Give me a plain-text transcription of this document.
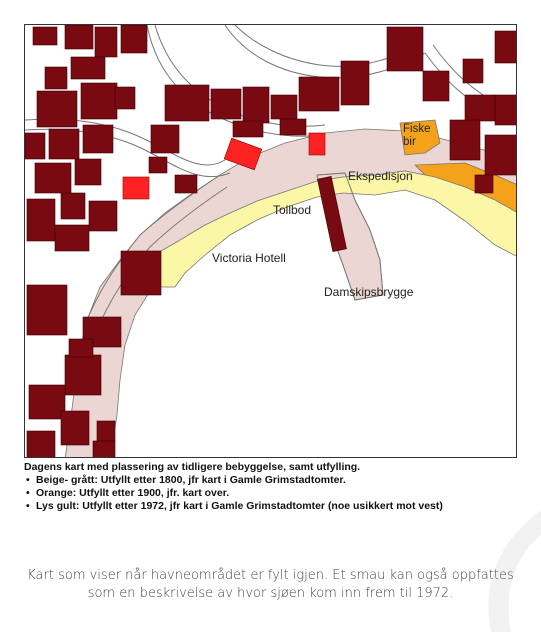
Fiske
bir
Ekspedisjon
Tollbod
Victoria Hotell
Damskipsbrygge
Dagens kart med plassering av tidligere bebyggelse, samt utfylling.
• Beige- grått: Utfyllt etter 1800, jfr kart i Gamle Grimstadtomter.
• Orange: Utfyllt etter 1900, jfr. kart over.
• Lys gult: Utfyllt etter 1972, jfr kart i Gamle Grimstadtomter (noe usikkert mot vest)
Kart som viser når havneområdet er fylt igjen. Et smau kan også oppfattes som en beskrivelse av hvor sjøen kom inn frem til 1972.
